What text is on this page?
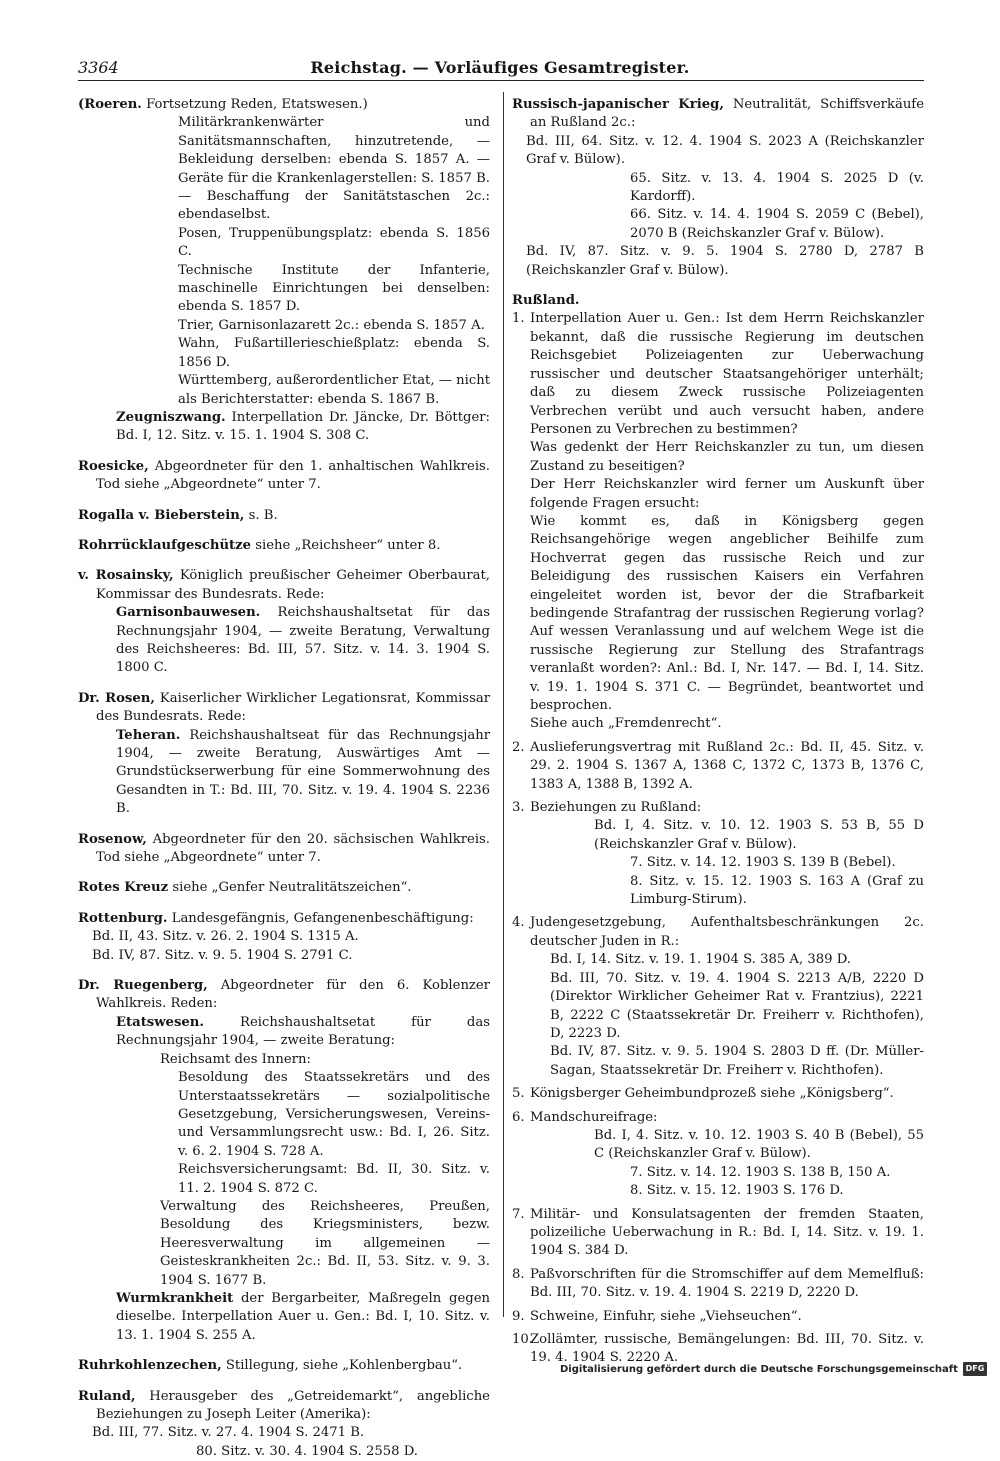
3364	Reichstag. — Vorläufiges Gesamtregister.

(Roeren. Fortsetzung Reden, Etatswesen.)

Militärkrankenwärter und Sanitätsmannschaften, hinzutretende, — Bekleidung derselben: ebenda S. 1857 A. — Geräte für die Krankenlagerstellen: S. 1857 B. — Beschaffung der Sanitätstaschen 2c.: ebendaselbst.

Posen, Truppenübungsplatz: ebenda S. 1856 C.

Technische Institute der Infanterie, maschinelle Einrichtungen bei denselben: ebenda S. 1857 D.

Trier, Garnisonlazarett 2c.: ebenda S. 1857 A.

Wahn, Fußartillerieschießplatz: ebenda S. 1856 D.

Württemberg, außerordentlicher Etat, — nicht als Berichterstatter: ebenda S. 1867 B.

Zeugniszwang. Interpellation Dr. Jäncke, Dr. Böttger: Bd. I, 12. Sitz. v. 15. 1. 1904 S. 308 C.

Roesicke, Abgeordneter für den 1. anhaltischen Wahlkreis. Tod siehe „Abgeordnete“ unter 7.

Rogalla v. Bieberstein, s. B.

Rohrrücklaufgeschütze siehe „Reichsheer“ unter 8.

v. Rosainsky, Königlich preußischer Geheimer Oberbaurat, Kommissar des Bundesrats. Rede:

Garnisonbauwesen. Reichshaushaltsetat für das Rechnungsjahr 1904, — zweite Beratung, Verwaltung des Reichsheeres: Bd. III, 57. Sitz. v. 14. 3. 1904 S. 1800 C.

Dr. Rosen, Kaiserlicher Wirklicher Legationsrat, Kommissar des Bundesrats. Rede:

Teheran. Reichshaushaltseat für das Rechnungsjahr 1904, — zweite Beratung, Auswärtiges Amt — Grundstückserwerbung für eine Sommerwohnung des Gesandten in T.: Bd. III, 70. Sitz. v. 19. 4. 1904 S. 2236 B.

Rosenow, Abgeordneter für den 20. sächsischen Wahlkreis. Tod siehe „Abgeordnete“ unter 7.

Rotes Kreuz siehe „Genfer Neutralitätszeichen“.

Rottenburg. Landesgefängnis, Gefangenenbeschäftigung:

Bd. II, 43. Sitz. v. 26. 2. 1904 S. 1315 A.

Bd. IV, 87. Sitz. v. 9. 5. 1904 S. 2791 C.

Dr. Ruegenberg, Abgeordneter für den 6. Koblenzer Wahlkreis. Reden:

Etatswesen. Reichshaushaltsetat für das Rechnungsjahr 1904, — zweite Beratung:

Reichsamt des Innern:

Besoldung des Staatssekretärs und des Unterstaatssekretärs — sozialpolitische Gesetzgebung, Versicherungswesen, Vereins- und Versammlungsrecht usw.: Bd. I, 26. Sitz. v. 6. 2. 1904 S. 728 A.

Reichsversicherungsamt: Bd. II, 30. Sitz. v. 11. 2. 1904 S. 872 C.

Verwaltung des Reichsheeres, Preußen, Besoldung des Kriegsministers, bezw. Heeresverwaltung im allgemeinen — Geisteskrankheiten 2c.: Bd. II, 53. Sitz. v. 9. 3. 1904 S. 1677 B.

Wurmkrankheit der Bergarbeiter, Maßregeln gegen dieselbe. Interpellation Auer u. Gen.: Bd. I, 10. Sitz. v. 13. 1. 1904 S. 255 A.

Ruhrkohlenzechen, Stillegung, siehe „Kohlenbergbau“.

Ruland, Herausgeber des „Getreidemarkt“, angebliche Beziehungen zu Joseph Leiter (Amerika):

Bd. III, 77. Sitz. v. 27. 4. 1904 S. 2471 B.

80. Sitz. v. 30. 4. 1904 S. 2558 D.

Russisch-japanischer Krieg, Neutralität, Schiffsverkäufe an Rußland 2c.:

Bd. III, 64. Sitz. v. 12. 4. 1904 S. 2023 A (Reichskanzler Graf v. Bülow).

65. Sitz. v. 13. 4. 1904 S. 2025 D (v. Kardorff).

66. Sitz. v. 14. 4. 1904 S. 2059 C (Bebel), 2070 B (Reichskanzler Graf v. Bülow).

Bd. IV, 87. Sitz. v. 9. 5. 1904 S. 2780 D, 2787 B (Reichskanzler Graf v. Bülow).

Rußland.

1. Interpellation Auer u. Gen.: Ist dem Herrn Reichskanzler bekannt, daß die russische Regierung im deutschen Reichsgebiet Polizeiagenten zur Ueberwachung russischer und deutscher Staatsangehöriger unterhält; daß zu diesem Zweck russische Polizeiagenten Verbrechen verübt und auch versucht haben, andere Personen zu Verbrechen zu bestimmen?

Was gedenkt der Herr Reichskanzler zu tun, um diesen Zustand zu beseitigen?

Der Herr Reichskanzler wird ferner um Auskunft über folgende Fragen ersucht:

Wie kommt es, daß in Königsberg gegen Reichsangehörige wegen angeblicher Beihilfe zum Hochverrat gegen das russische Reich und zur Beleidigung des russischen Kaisers ein Verfahren eingeleitet worden ist, bevor der die Strafbarkeit bedingende Strafantrag der russischen Regierung vorlag? Auf wessen Veranlassung und auf welchem Wege ist die russische Regierung zur Stellung des Strafantrags veranlaßt worden?: Anl.: Bd. I, Nr. 147. — Bd. I, 14. Sitz. v. 19. 1. 1904 S. 371 C. — Begründet, beantwortet und besprochen.

Siehe auch „Fremdenrecht“.

2. Auslieferungsvertrag mit Rußland 2c.: Bd. II, 45. Sitz. v. 29. 2. 1904 S. 1367 A, 1368 C, 1372 C, 1373 B, 1376 C, 1383 A, 1388 B, 1392 A.

3. Beziehungen zu Rußland:

Bd. I, 4. Sitz. v. 10. 12. 1903 S. 53 B, 55 D (Reichskanzler Graf v. Bülow).

7. Sitz. v. 14. 12. 1903 S. 139 B (Bebel).

8. Sitz. v. 15. 12. 1903 S. 163 A (Graf zu Limburg-Stirum).

4. Judengesetzgebung, Aufenthaltsbeschränkungen 2c. deutscher Juden in R.:

Bd. I, 14. Sitz. v. 19. 1. 1904 S. 385 A, 389 D.

Bd. III, 70. Sitz. v. 19. 4. 1904 S. 2213 A/B, 2220 D (Direktor Wirklicher Geheimer Rat v. Frantzius), 2221 B, 2222 C (Staatssekretär Dr. Freiherr v. Richthofen), D, 2223 D.

Bd. IV, 87. Sitz. v. 9. 5. 1904 S. 2803 D ff. (Dr. Müller-Sagan, Staatssekretär Dr. Freiherr v. Richthofen).

5. Königsberger Geheimbundprozeß siehe „Königsberg“.

6. Mandschureifrage:

Bd. I, 4. Sitz. v. 10. 12. 1903 S. 40 B (Bebel), 55 C (Reichskanzler Graf v. Bülow).

7. Sitz. v. 14. 12. 1903 S. 138 B, 150 A.

8. Sitz. v. 15. 12. 1903 S. 176 D.

7. Militär- und Konsulatsagenten der fremden Staaten, polizeiliche Ueberwachung in R.: Bd. I, 14. Sitz. v. 19. 1. 1904 S. 384 D.

8. Paßvorschriften für die Stromschiffer auf dem Memelfluß: Bd. III, 70. Sitz. v. 19. 4. 1904 S. 2219 D, 2220 D.

9. Schweine, Einfuhr, siehe „Viehseuchen“.

10.Zollämter, russische, Bemängelungen: Bd. III, 70. Sitz. v. 19. 4. 1904 S. 2220 A.

Digitalisierung gefördert durch die Deutsche Forschungsgemeinschaft DFG
